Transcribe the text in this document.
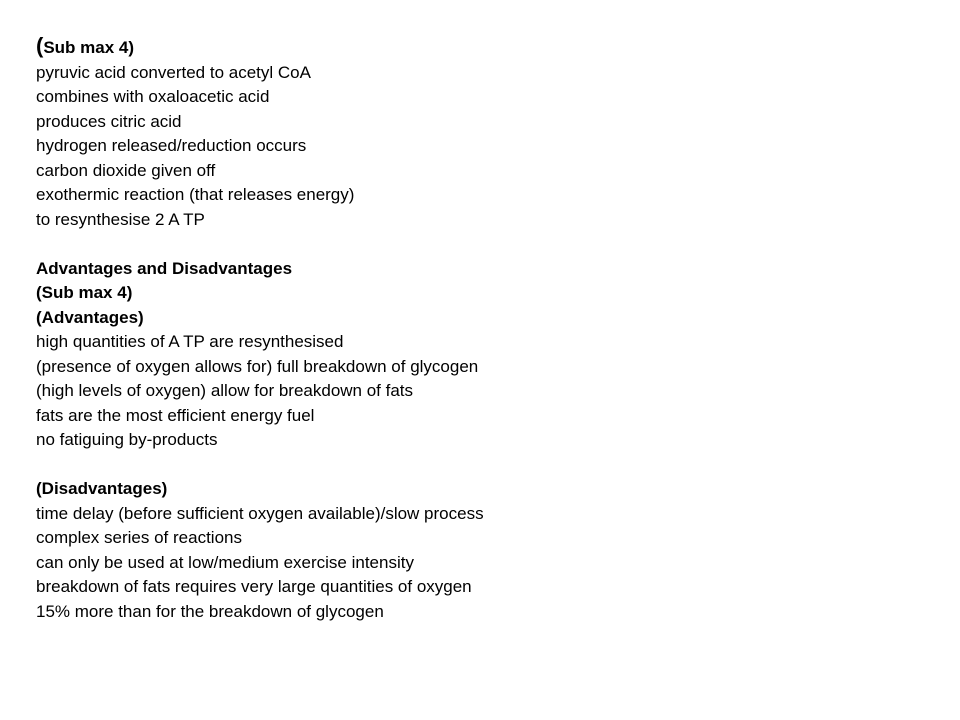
(Sub max 4)
pyruvic acid converted to acetyl CoA
combines with oxaloacetic acid
produces citric acid
hydrogen released/reduction occurs
carbon dioxide given off
exothermic reaction (that releases energy)
to resynthesise 2 A TP
Advantages and Disadvantages
(Sub max 4)
(Advantages)
high quantities of A TP are resynthesised
(presence of oxygen allows for) full breakdown of glycogen
(high levels of oxygen) allow for breakdown of fats
fats are the most efficient energy fuel
no fatiguing by-products
(Disadvantages)
time delay (before sufficient oxygen available)/slow process
complex series of reactions
can only be used at low/medium exercise intensity
breakdown of fats requires very large quantities of oxygen
15% more than for the breakdown of glycogen
